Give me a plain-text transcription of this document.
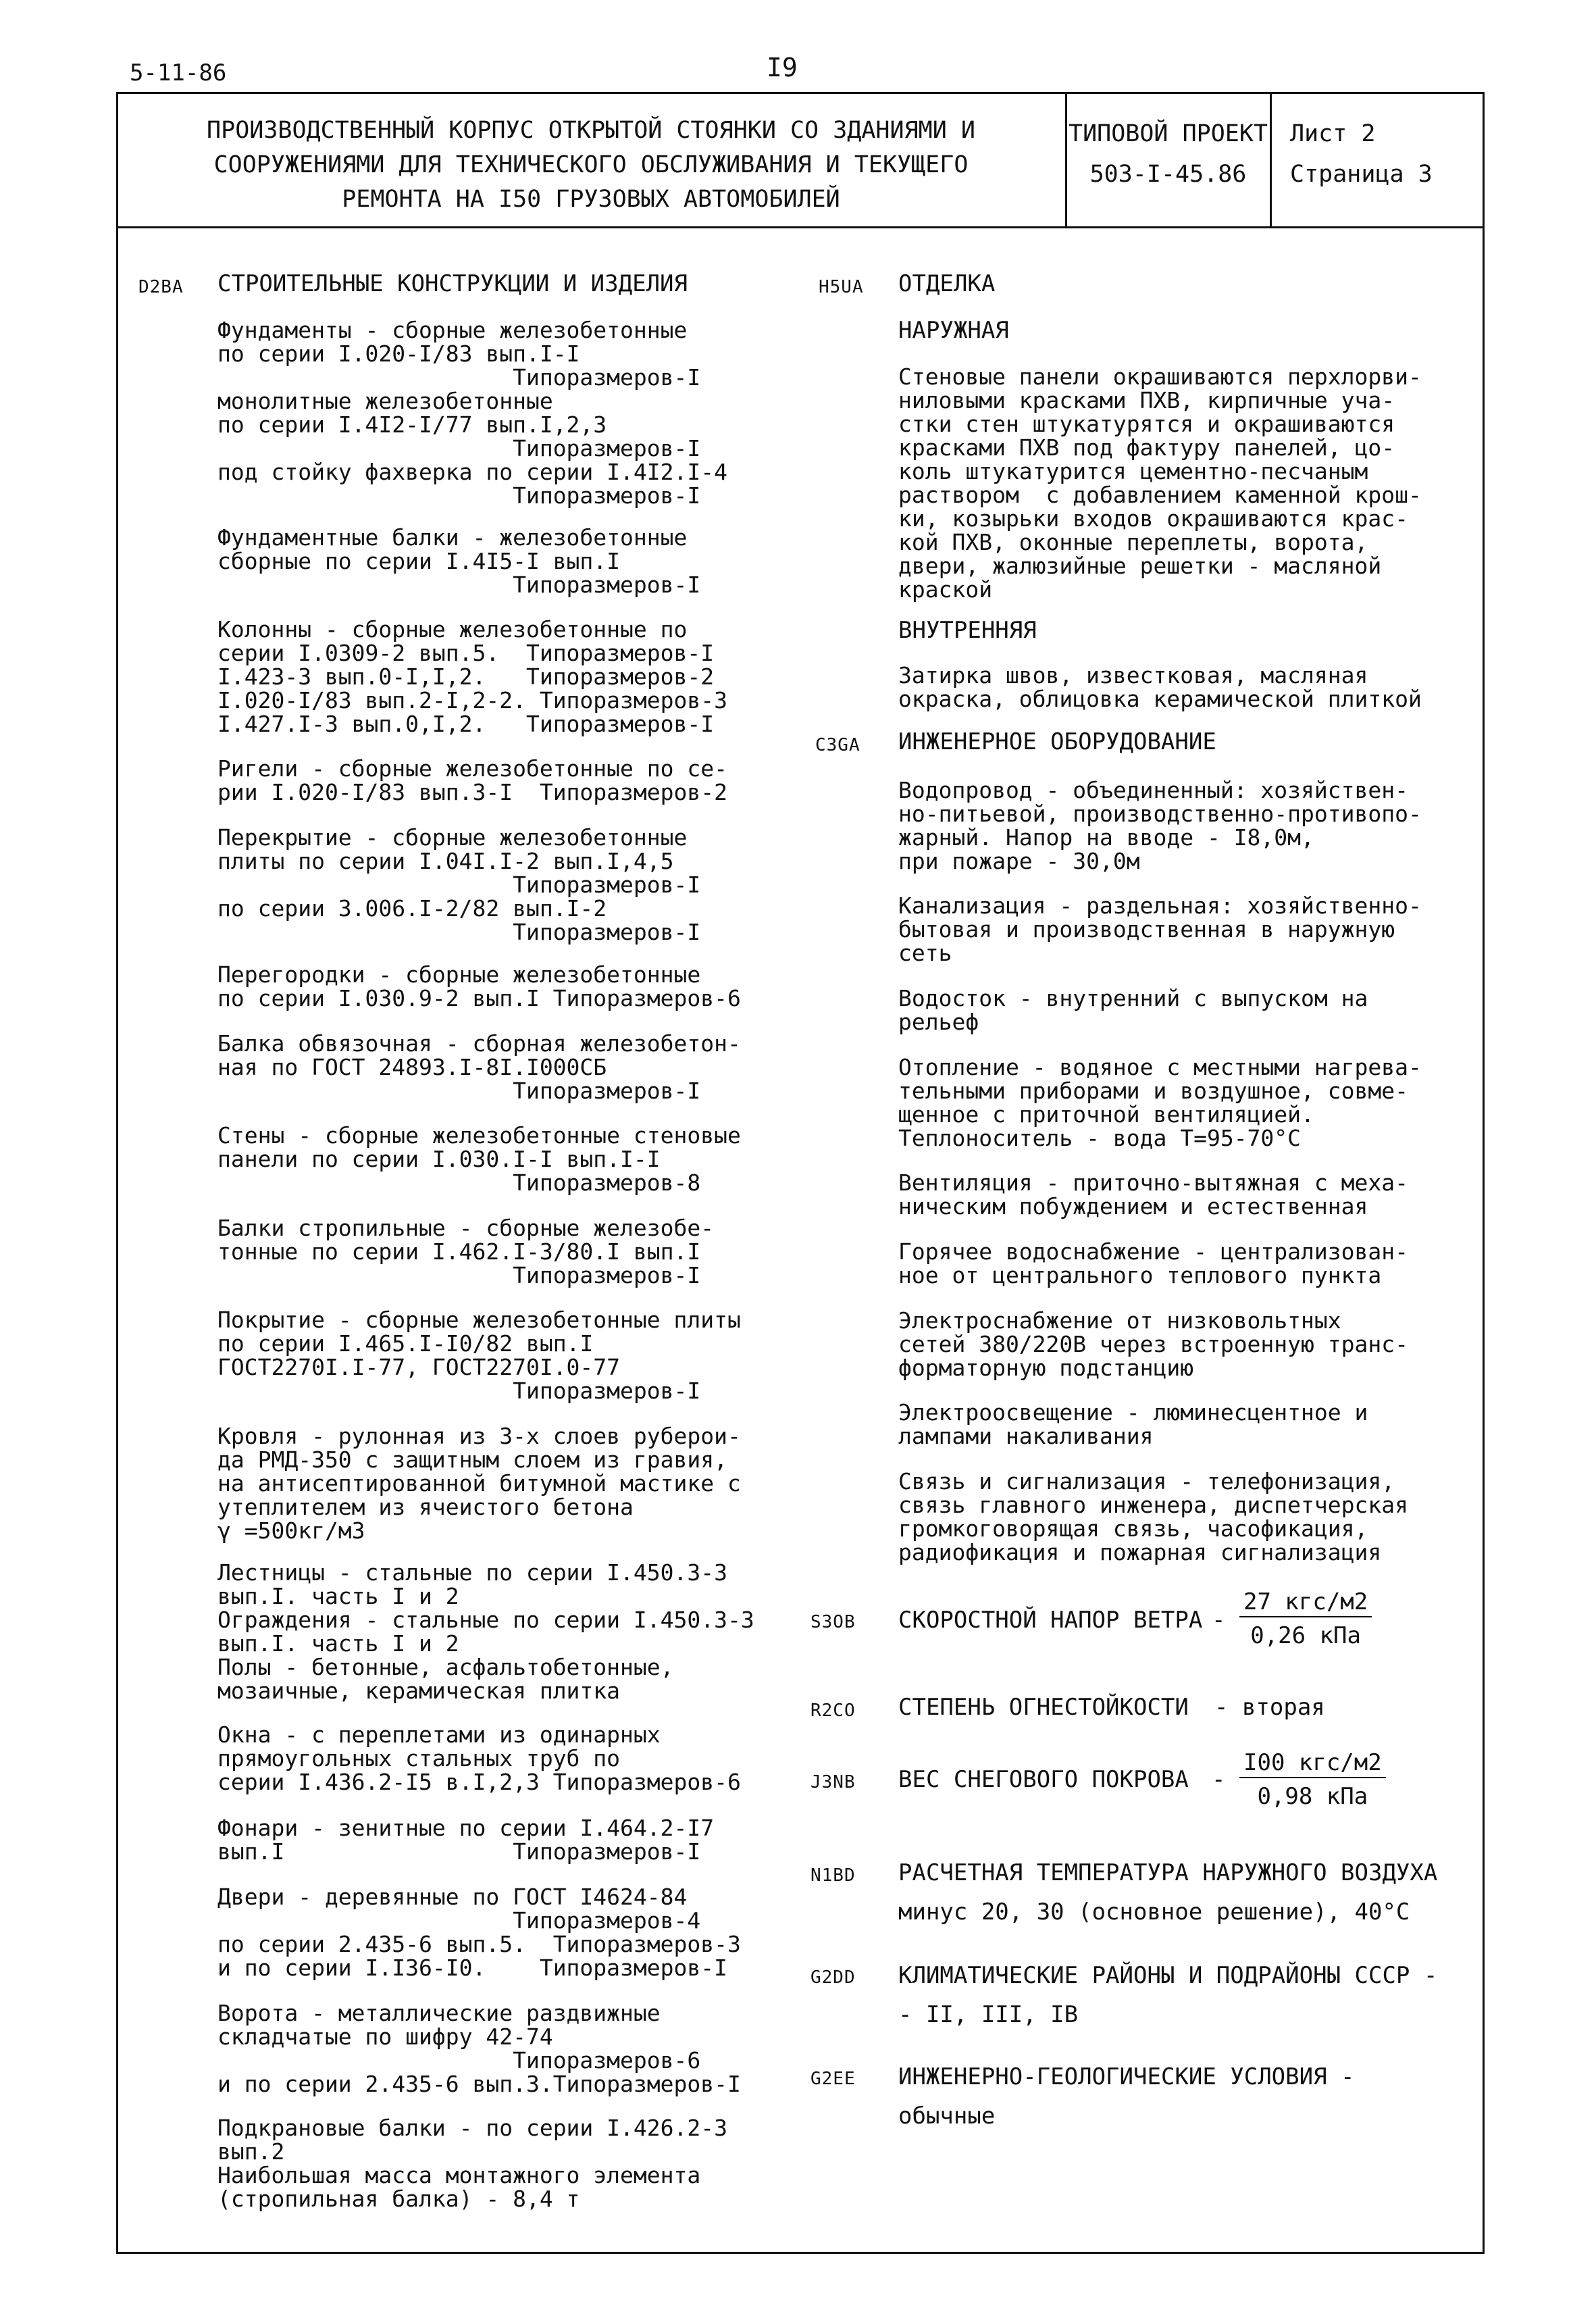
5-11-86	I9
ПРОИЗВОДСТВЕННЫЙ КОРПУС ОТКРЫТОЙ СТОЯНКИ СО ЗДАНИЯМИ И
СООРУЖЕНИЯМИ ДЛЯ ТЕХНИЧЕСКОГО ОБСЛУЖИВАНИЯ И ТЕКУЩЕГО
РЕМОНТА НА I50 ГРУЗОВЫХ АВТОМОБИЛЕЙ
ТИПОВОЙ ПРОЕКТ
503-I-45.86
Лист 2
Страница 3
D2BA СТРОИТЕЛЬНЫЕ КОНСТРУКЦИИ И ИЗДЕЛИЯ
Фундаменты - сборные железобетонные
по серии I.020-I/83 вып.I-I
Типоразмеров-I
монолитные железобетонные
по серии I.4I2-I/77 вып.I,2,3
Типоразмеров-I
под стойку фахверка по серии I.4I2.I-4
Типоразмеров-I
Фундаментные балки - железобетонные
сборные по серии I.4I5-I вып.I
Типоразмеров-I
Колонны - сборные железобетонные по
серии I.0309-2 вып.5.  Типоразмеров-I
I.423-3 вып.0-I,I,2.   Типоразмеров-2
I.020-I/83 вып.2-I,2-2. Типоразмеров-3
I.427.I-3 вып.0,I,2.   Типоразмеров-I
Ригели - сборные железобетонные по се-
рии I.020-I/83 вып.3-I  Типоразмеров-2
Перекрытие - сборные железобетонные
плиты по серии I.04I.I-2 вып.I,4,5
Типоразмеров-I
по серии 3.006.I-2/82 вып.I-2
Типоразмеров-I
Перегородки - сборные железобетонные
по серии I.030.9-2 вып.I Типоразмеров-6
Балка обвязочная - сборная железобетон-
ная по ГОСТ 24893.I-8I.I000СБ
Типоразмеров-I
Стены - сборные железобетонные стеновые
панели по серии I.030.I-I вып.I-I
Типоразмеров-8
Балки стропильные - сборные железобе-
тонные по серии I.462.I-3/80.I вып.I
Типоразмеров-I
Покрытие - сборные железобетонные плиты
по серии I.465.I-I0/82 вып.I
ГОСТ2270I.I-77, ГОСТ2270I.0-77
Типоразмеров-I
Кровля - рулонная из 3-х слоев руберои-
да РМД-350 с защитным слоем из гравия,
на антисептированной битумной мастике с
утеплителем из ячеистого бетона
γ =500кг/м3
Лестницы - стальные по серии I.450.3-3
вып.I. часть I и 2
Ограждения - стальные по серии I.450.3-3
вып.I. часть I и 2
Полы - бетонные, асфальтобетонные,
мозаичные, керамическая плитка
Окна - с переплетами из одинарных
прямоугольных стальных труб по
серии I.436.2-I5 в.I,2,3 Типоразмеров-6
Фонари - зенитные по серии I.464.2-I7
вып.I                 Типоразмеров-I
Двери - деревянные по ГОСТ I4624-84
Типоразмеров-4
по серии 2.435-6 вып.5.  Типоразмеров-3
и по серии I.I36-I0.    Типоразмеров-I
Ворота - металлические раздвижные
складчатые по шифру 42-74
Типоразмеров-6
и по серии 2.435-6 вып.3.Типоразмеров-I
Подкрановые балки - по серии I.426.2-3
вып.2
Наибольшая масса монтажного элемента
(стропильная балка) - 8,4 т
H5UA ОТДЕЛКА
НАРУЖНАЯ
Стеновые панели окрашиваются перхлорви-
ниловыми красками ПХВ, кирпичные уча-
стки стен штукатурятся и окрашиваются
красками ПХВ под фактуру панелей, цо-
коль штукатурится цементно-песчаным
раствором  с добавлением каменной крош-
ки, козырьки входов окрашиваются крас-
кой ПХВ, оконные переплеты, ворота,
двери, жалюзийные решетки - масляной
краской
ВНУТРЕННЯЯ
Затирка швов, известковая, масляная
окраска, облицовка керамической плиткой
C3GA ИНЖЕНЕРНОЕ ОБОРУДОВАНИЕ
Водопровод - объединенный: хозяйствен-
но-питьевой, производственно-противопо-
жарный. Напор на вводе - I8,0м,
при пожаре - 30,0м
Канализация - раздельная: хозяйственно-
бытовая и производственная в наружную
сеть
Водосток - внутренний с выпуском на
рельеф
Отопление - водяное с местными нагрева-
тельными приборами и воздушное, совме-
щенное с приточной вентиляцией.
Теплоноситель - вода Т=95-70°С
Вентиляция - приточно-вытяжная с меха-
ническим побуждением и естественная
Горячее водоснабжение - централизован-
ное от центрального теплового пункта
Электроснабжение от низковольтных
сетей 380/220В через встроенную транс-
форматорную подстанцию
Электроосвещение - люминесцентное и
лампами накаливания
Связь и сигнализация - телефонизация,
связь главного инженера, диспетчерская
громкоговорящая связь, часофикация,
радиофикация и пожарная сигнализация
S3OB СКОРОСТНОЙ НАПОР ВЕТРА -
27 кгс/м2
0,26 кПа
R2CO СТЕПЕНЬ ОГНЕСТОЙКОСТИ - вторая
J3NB ВЕС СНЕГОВОГО ПОКРОВА -
I00 кгс/м2
0,98 кПа
N1BD РАСЧЕТНАЯ ТЕМПЕРАТУРА НАРУЖНОГО ВОЗДУХА
минус 20, 30 (основное решение), 40°С
G2DD КЛИМАТИЧЕСКИЕ РАЙОНЫ И ПОДРАЙОНЫ СССР -
- II, III, IВ
G2EE ИНЖЕНЕРНО-ГЕОЛОГИЧЕСКИЕ УСЛОВИЯ -
обычные
